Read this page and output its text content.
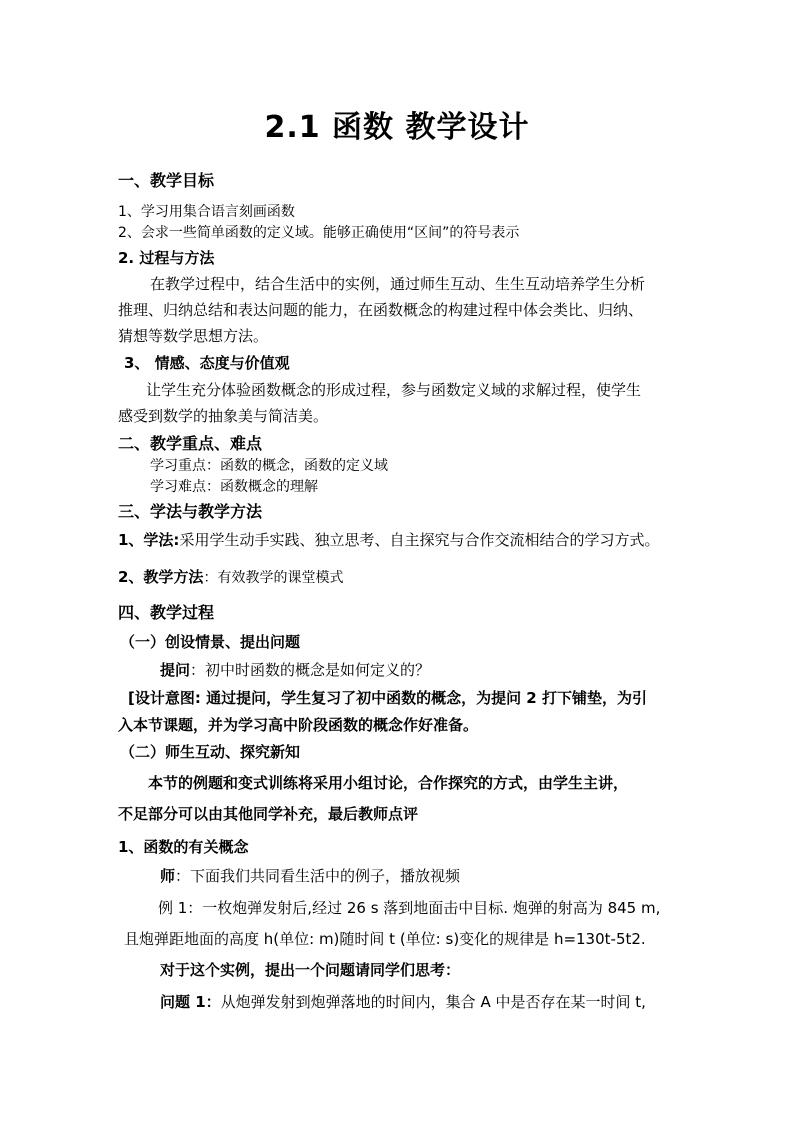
2.1 函数 教学设计
一、教学目标
1、学习用集合语言刻画函数
2、会求一些简单函数的定义域。能够正确使用“区间”的符号表示
2. 过程与方法
在教学过程中，结合生活中的实例，通过师生互动、生生互动培养学生分析
推理、归纳总结和表达问题的能力，在函数概念的构建过程中体会类比、归纳、
猜想等数学思想方法。
3、 情感、态度与价值观
让学生充分体验函数概念的形成过程，参与函数定义域的求解过程，使学生
感受到数学的抽象美与简洁美。
二、教学重点、难点
学习重点：函数的概念，函数的定义域
学习难点：函数概念的理解
三、学法与教学方法
1、学法:采用学生动手实践、独立思考、自主探究与合作交流相结合的学习方式。
2、教学方法：有效教学的课堂模式
四、教学过程
（一）创设情景、提出问题
提问：初中时函数的概念是如何定义的？
[设计意图: 通过提问，学生复习了初中函数的概念，为提问 2 打下铺垫，为引
入本节课题，并为学习高中阶段函数的概念作好准备。
（二）师生互动、探究新知
本节的例题和变式训练将采用小组讨论，合作探究的方式，由学生主讲，
不足部分可以由其他同学补充，最后教师点评
1、函数的有关概念
师：下面我们共同看生活中的例子，播放视频
例 1：一枚炮弹发射后,经过 26 s 落到地面击中目标. 炮弹的射高为 845 m,
且炮弹距地面的高度 h(单位: m)随时间 t (单位: s)变化的规律是 h=130t-5t2.
对于这个实例，提出一个问题请同学们思考：
问题 1：从炮弹发射到炮弹落地的时间内，集合 A 中是否存在某一时间 t,
